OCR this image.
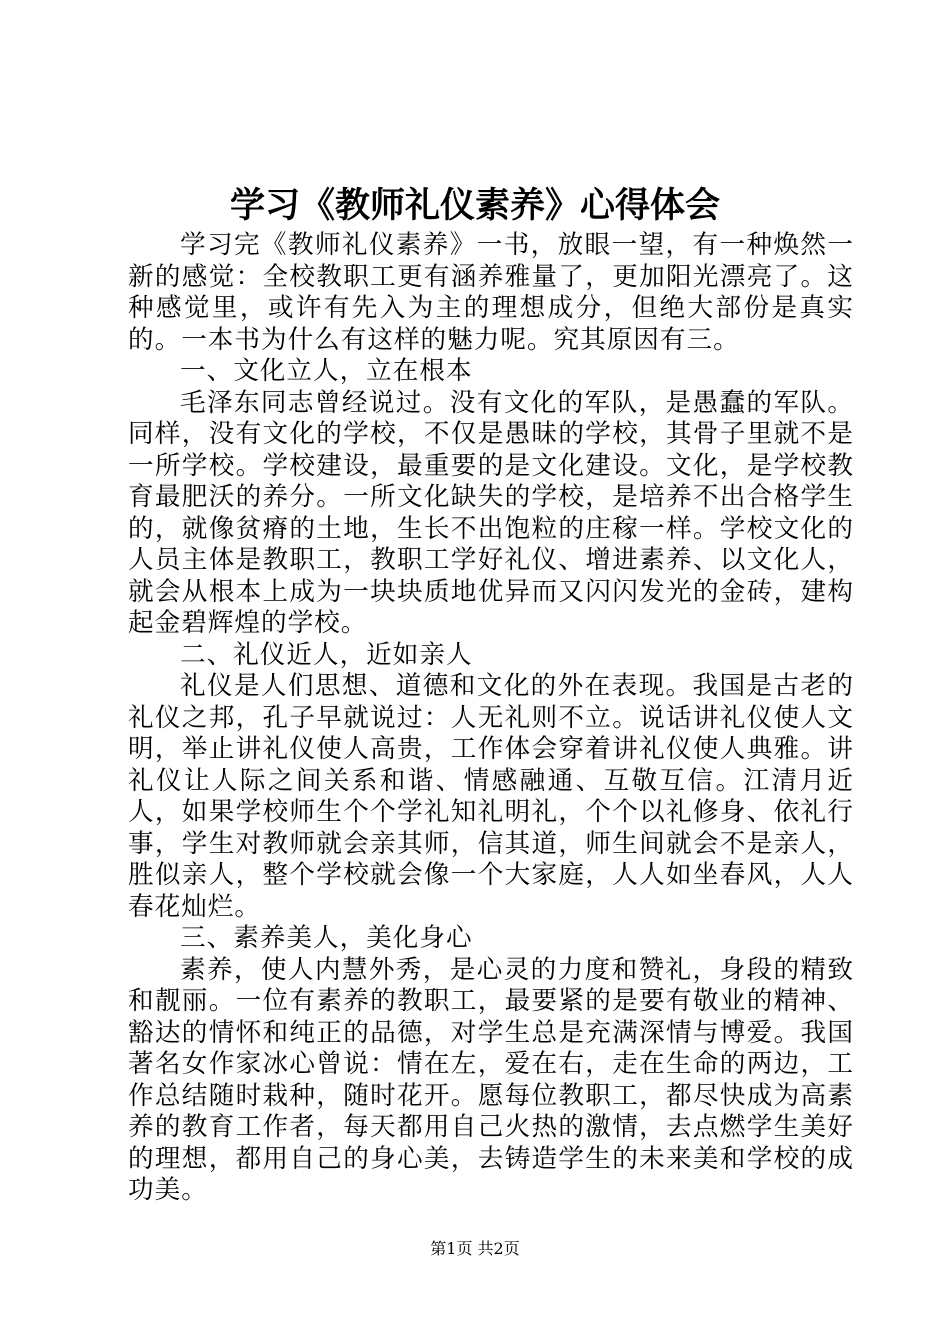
学习《教师礼仪素养》心得体会

学习完《教师礼仪素养》一书，放眼一望，有一种焕然一新的感觉：全校教职工更有涵养雅量了，更加阳光漂亮了。这种感觉里，或许有先入为主的理想成分，但绝大部份是真实的。一本书为什么有这样的魅力呢。究其原因有三。

一、文化立人，立在根本

毛泽东同志曾经说过。没有文化的军队，是愚蠢的军队。同样，没有文化的学校，不仅是愚昧的学校，其骨子里就不是一所学校。学校建设，最重要的是文化建设。文化，是学校教育最肥沃的养分。一所文化缺失的学校，是培养不出合格学生的，就像贫瘠的土地，生长不出饱粒的庄稼一样。学校文化的人员主体是教职工，教职工学好礼仪、增进素养、以文化人，就会从根本上成为一块块质地优异而又闪闪发光的金砖，建构起金碧辉煌的学校。

二、礼仪近人，近如亲人

礼仪是人们思想、道德和文化的外在表现。我国是古老的礼仪之邦，孔子早就说过：人无礼则不立。说话讲礼仪使人文明，举止讲礼仪使人高贵，工作体会穿着讲礼仪使人典雅。讲礼仪让人际之间关系和谐、情感融通、互敬互信。江清月近人，如果学校师生个个学礼知礼明礼，个个以礼修身、依礼行事，学生对教师就会亲其师，信其道，师生间就会不是亲人，胜似亲人，整个学校就会像一个大家庭，人人如坐春风，人人春花灿烂。

三、素养美人，美化身心

素养，使人内慧外秀，是心灵的力度和赞礼，身段的精致和靓丽。一位有素养的教职工，最要紧的是要有敬业的精神、豁达的情怀和纯正的品德，对学生总是充满深情与博爱。我国著名女作家冰心曾说：情在左，爱在右，走在生命的两边，工作总结随时栽种，随时花开。愿每位教职工，都尽快成为高素养的教育工作者，每天都用自己火热的激情，去点燃学生美好的理想，都用自己的身心美，去铸造学生的未来美和学校的成功美。

第1页 共2页
